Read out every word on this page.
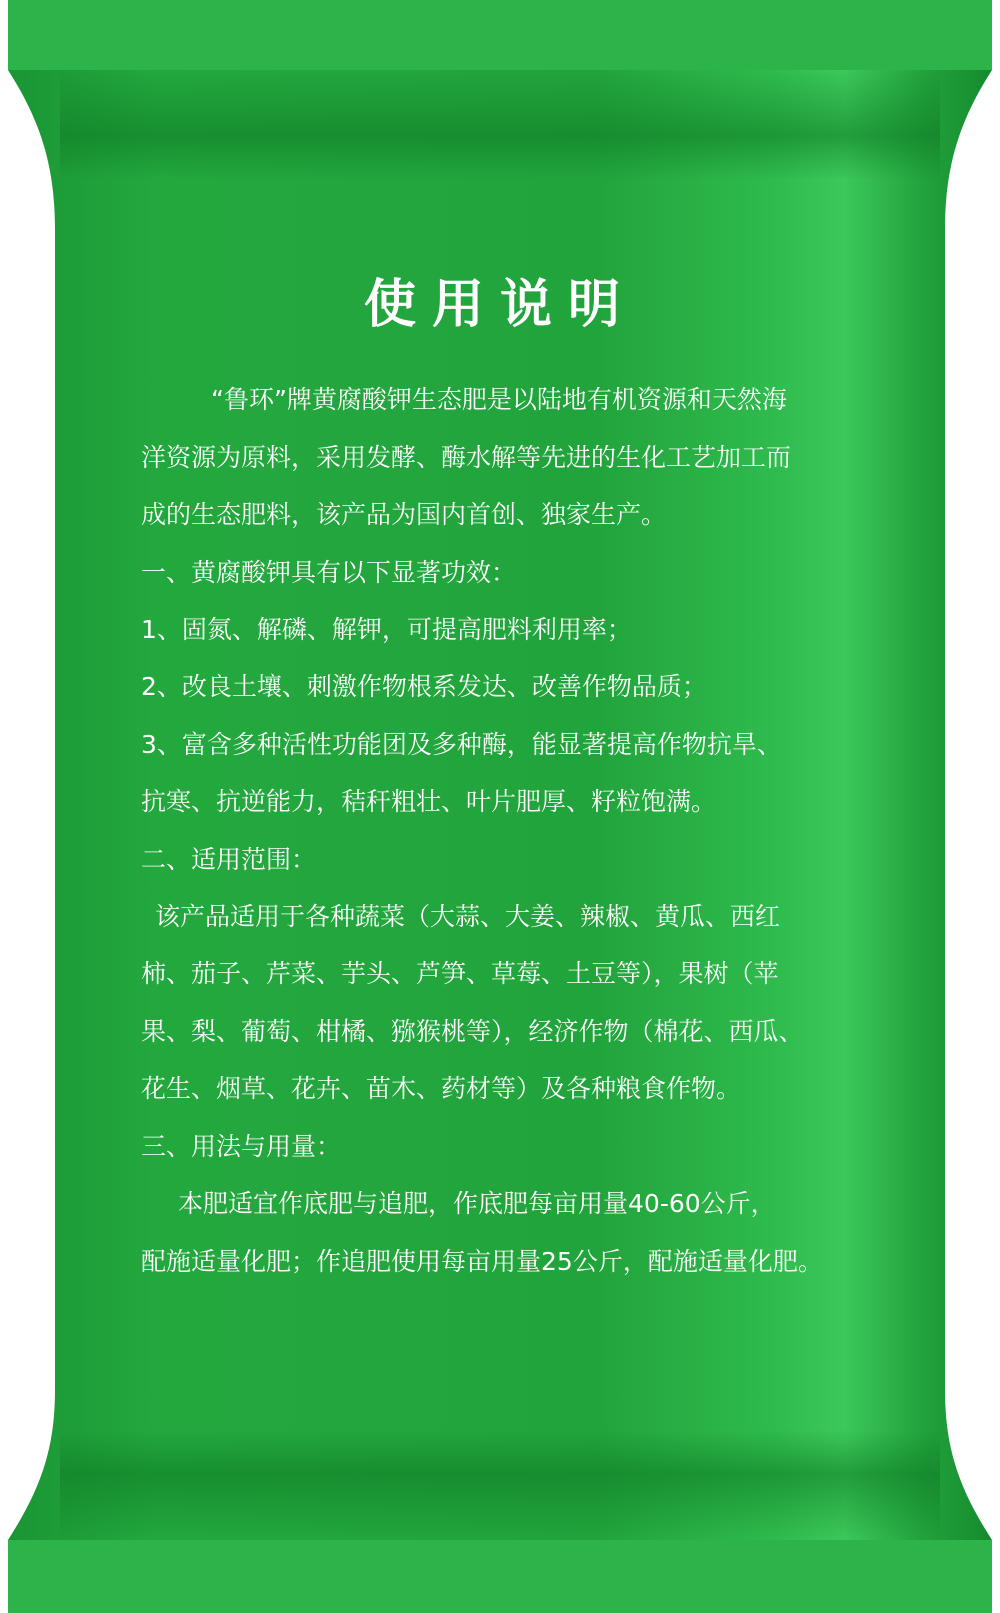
使用说明
“鲁环”牌黄腐酸钾生态肥是以陆地有机资源和天然海
洋资源为原料，采用发酵、酶水解等先进的生化工艺加工而
成的生态肥料，该产品为国内首创、独家生产。
一、黄腐酸钾具有以下显著功效：
1、固氮、解磷、解钾，可提高肥料利用率；
2、改良土壤、刺激作物根系发达、改善作物品质；
3、富含多种活性功能团及多种酶，能显著提高作物抗旱、
抗寒、抗逆能力，秸秆粗壮、叶片肥厚、籽粒饱满。
二、适用范围：
该产品适用于各种蔬菜（大蒜、大姜、辣椒、黄瓜、西红
柿、茄子、芹菜、芋头、芦笋、草莓、土豆等），果树（苹
果、梨、葡萄、柑橘、猕猴桃等），经济作物（棉花、西瓜、
花生、烟草、花卉、苗木、药材等）及各种粮食作物。
三、用法与用量：
本肥适宜作底肥与追肥，作底肥每亩用量40-60公斤，
配施适量化肥；作追肥使用每亩用量25公斤，配施适量化肥。
